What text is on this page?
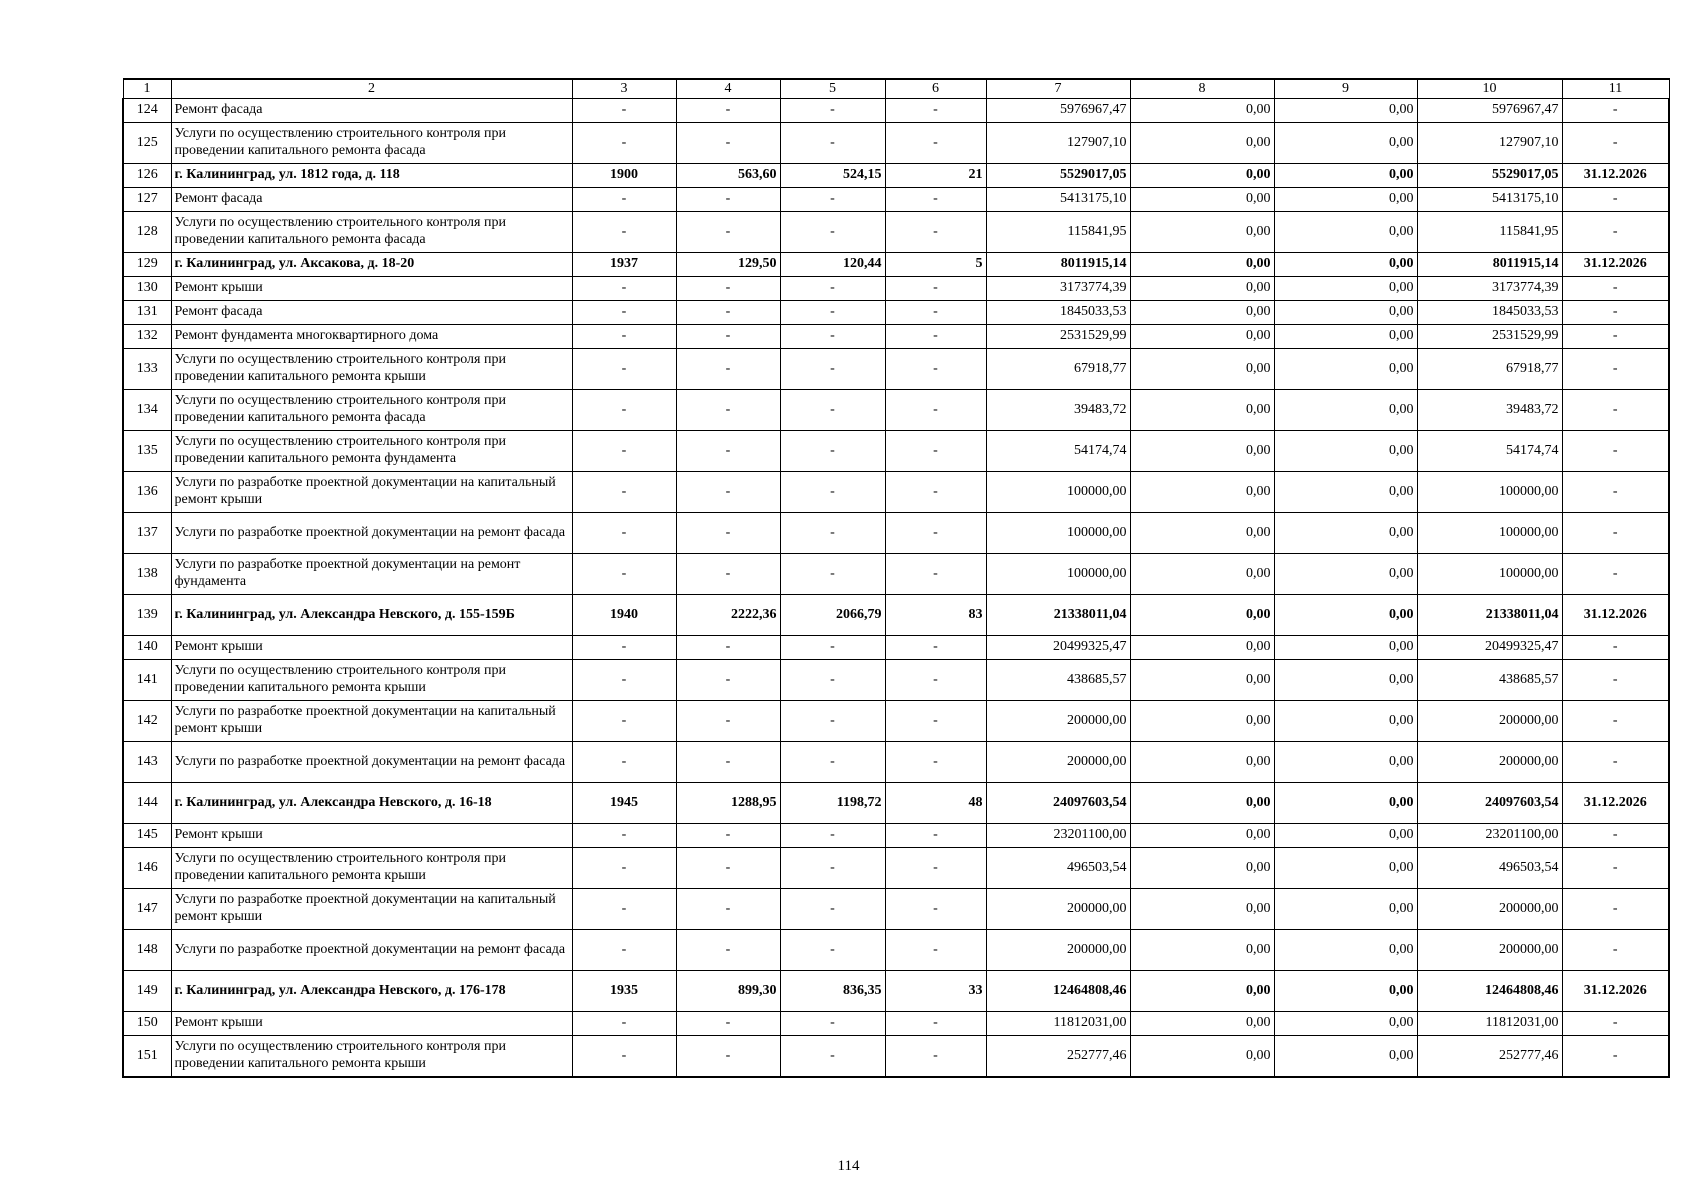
1	2	3	4	5	6	7	8	9	10	11
124	Ремонт фасада	-	-	-	-	5976967,47	0,00	0,00	5976967,47	-
125	Услуги по осуществлению строительного контроля при проведении капитального ремонта фасада	-	-	-	-	127907,10	0,00	0,00	127907,10	-
126	г. Калининград, ул. 1812 года, д. 118	1900	563,60	524,15	21	5529017,05	0,00	0,00	5529017,05	31.12.2026
127	Ремонт фасада	-	-	-	-	5413175,10	0,00	0,00	5413175,10	-
128	Услуги по осуществлению строительного контроля при проведении капитального ремонта фасада	-	-	-	-	115841,95	0,00	0,00	115841,95	-
129	г. Калининград, ул. Аксакова, д. 18-20	1937	129,50	120,44	5	8011915,14	0,00	0,00	8011915,14	31.12.2026
130	Ремонт крыши	-	-	-	-	3173774,39	0,00	0,00	3173774,39	-
131	Ремонт фасада	-	-	-	-	1845033,53	0,00	0,00	1845033,53	-
132	Ремонт фундамента многоквартирного дома	-	-	-	-	2531529,99	0,00	0,00	2531529,99	-
133	Услуги по осуществлению строительного контроля при проведении капитального ремонта крыши	-	-	-	-	67918,77	0,00	0,00	67918,77	-
134	Услуги по осуществлению строительного контроля при проведении капитального ремонта фасада	-	-	-	-	39483,72	0,00	0,00	39483,72	-
135	Услуги по осуществлению строительного контроля при проведении капитального ремонта фундамента	-	-	-	-	54174,74	0,00	0,00	54174,74	-
136	Услуги по разработке проектной документации на капитальный ремонт крыши	-	-	-	-	100000,00	0,00	0,00	100000,00	-
137	Услуги по разработке проектной документации на ремонт фасада	-	-	-	-	100000,00	0,00	0,00	100000,00	-
138	Услуги по разработке проектной документации на ремонт фундамента	-	-	-	-	100000,00	0,00	0,00	100000,00	-
139	г. Калининград, ул. Александра Невского, д. 155-159Б	1940	2222,36	2066,79	83	21338011,04	0,00	0,00	21338011,04	31.12.2026
140	Ремонт крыши	-	-	-	-	20499325,47	0,00	0,00	20499325,47	-
141	Услуги по осуществлению строительного контроля при проведении капитального ремонта крыши	-	-	-	-	438685,57	0,00	0,00	438685,57	-
142	Услуги по разработке проектной документации на капитальный ремонт крыши	-	-	-	-	200000,00	0,00	0,00	200000,00	-
143	Услуги по разработке проектной документации на ремонт фасада	-	-	-	-	200000,00	0,00	0,00	200000,00	-
144	г. Калининград, ул. Александра Невского, д. 16-18	1945	1288,95	1198,72	48	24097603,54	0,00	0,00	24097603,54	31.12.2026
145	Ремонт крыши	-	-	-	-	23201100,00	0,00	0,00	23201100,00	-
146	Услуги по осуществлению строительного контроля при проведении капитального ремонта крыши	-	-	-	-	496503,54	0,00	0,00	496503,54	-
147	Услуги по разработке проектной документации на капитальный ремонт крыши	-	-	-	-	200000,00	0,00	0,00	200000,00	-
148	Услуги по разработке проектной документации на ремонт фасада	-	-	-	-	200000,00	0,00	0,00	200000,00	-
149	г. Калининград, ул. Александра Невского, д. 176-178	1935	899,30	836,35	33	12464808,46	0,00	0,00	12464808,46	31.12.2026
150	Ремонт крыши	-	-	-	-	11812031,00	0,00	0,00	11812031,00	-
151	Услуги по осуществлению строительного контроля при проведении капитального ремонта крыши	-	-	-	-	252777,46	0,00	0,00	252777,46	-
114
